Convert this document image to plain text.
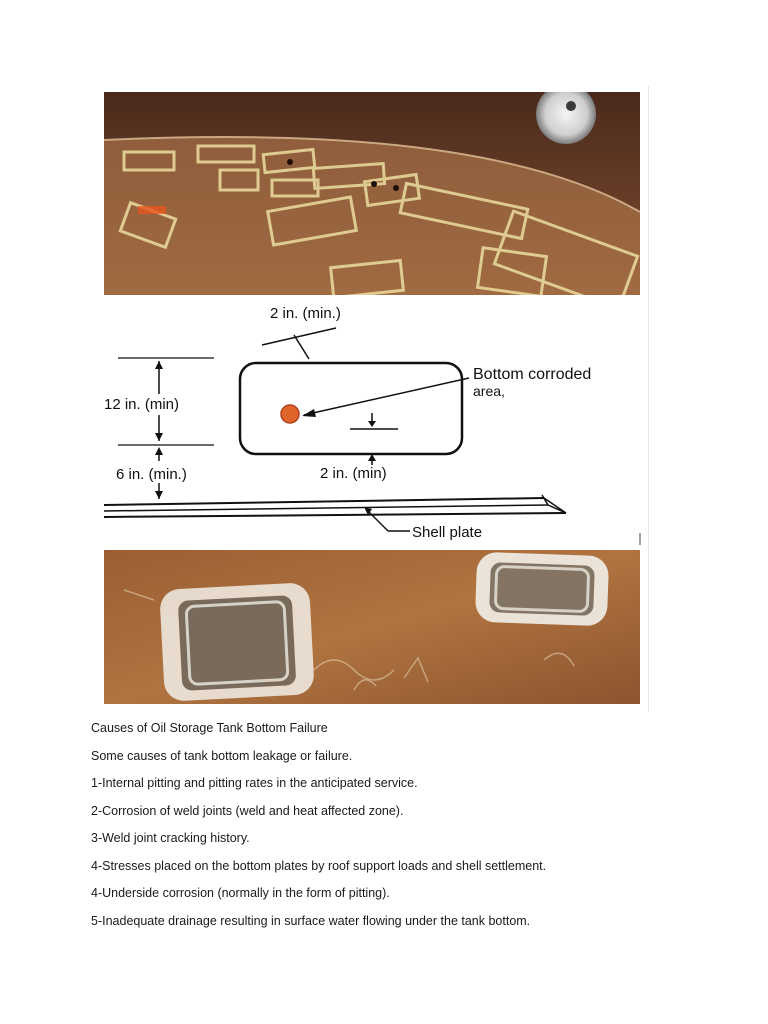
2 in. (min.)
Bottom corroded
area,
12 in. (min)
6 in. (min.)	2 in. (min)
Shell plate

Causes of Oil Storage Tank Bottom Failure

Some causes of tank bottom leakage or failure.

1-Internal pitting and pitting rates in the anticipated service.

2-Corrosion of weld joints (weld and heat affected zone).

3-Weld joint cracking history.

4-Stresses placed on the bottom plates by roof support loads and shell settlement.

4-Underside corrosion (normally in the form of pitting).

5-Inadequate drainage resulting in surface water flowing under the tank bottom.
